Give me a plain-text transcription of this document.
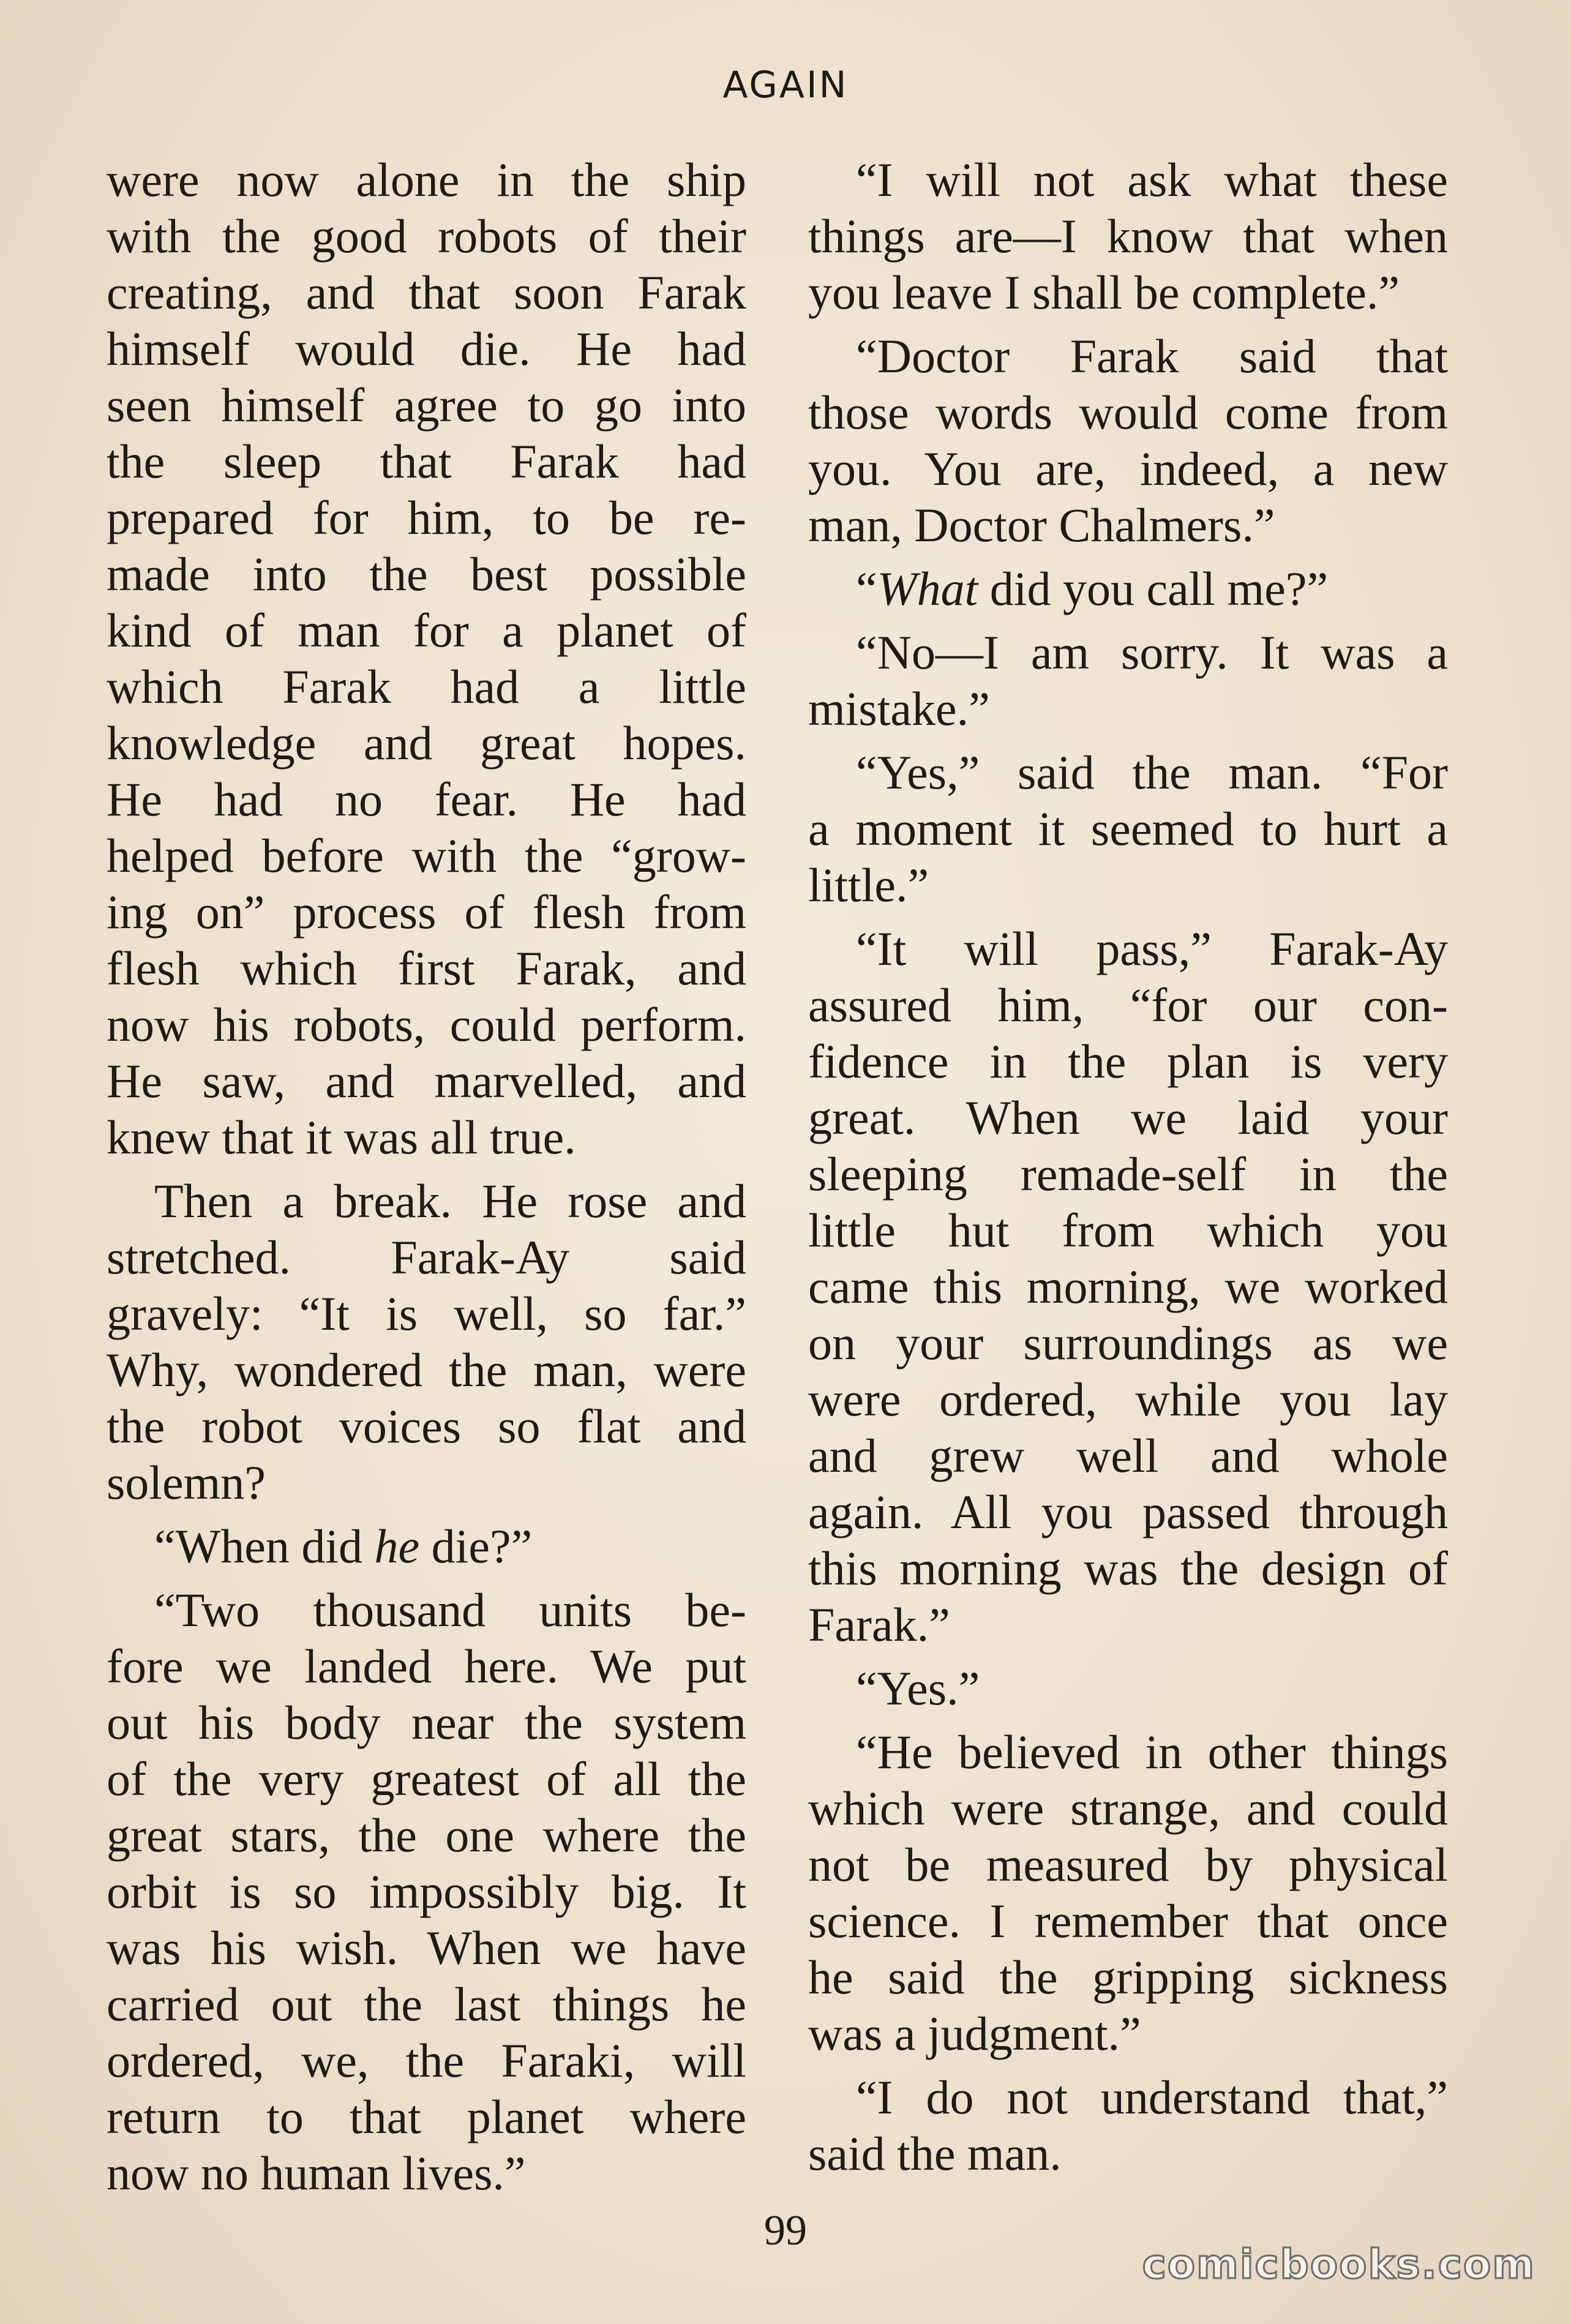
AGAIN
were now alone in the ship
with the good robots of their
creating, and that soon Farak
himself would die. He had
seen himself agree to go into
the sleep that Farak had
prepared for him, to be re-
made into the best possible
kind of man for a planet of
which Farak had a little
knowledge and great hopes.
He had no fear. He had
helped before with the “grow-
ing on” process of flesh from
flesh which first Farak, and
now his robots, could perform.
He saw, and marvelled, and
knew that it was all true.
Then a break. He rose and
stretched. Farak-Ay said
gravely: “It is well, so far.”
Why, wondered the man, were
the robot voices so flat and
solemn?
“When did he die?”
“Two thousand units be-
fore we landed here. We put
out his body near the system
of the very greatest of all the
great stars, the one where the
orbit is so impossibly big. It
was his wish. When we have
carried out the last things he
ordered, we, the Faraki, will
return to that planet where
now no human lives.”
“I will not ask what these
things are—I know that when
you leave I shall be complete.”
“Doctor Farak said that
those words would come from
you. You are, indeed, a new
man, Doctor Chalmers.”
“What did you call me?”
“No—I am sorry. It was a
mistake.”
“Yes,” said the man. “For
a moment it seemed to hurt a
little.”
“It will pass,” Farak-Ay
assured him, “for our con-
fidence in the plan is very
great. When we laid your
sleeping remade-self in the
little hut from which you
came this morning, we worked
on your surroundings as we
were ordered, while you lay
and grew well and whole
again. All you passed through
this morning was the design of
Farak.”
“Yes.”
“He believed in other things
which were strange, and could
not be measured by physical
science. I remember that once
he said the gripping sickness
was a judgment.”
“I do not understand that,”
said the man.
99
comicbooks.com
